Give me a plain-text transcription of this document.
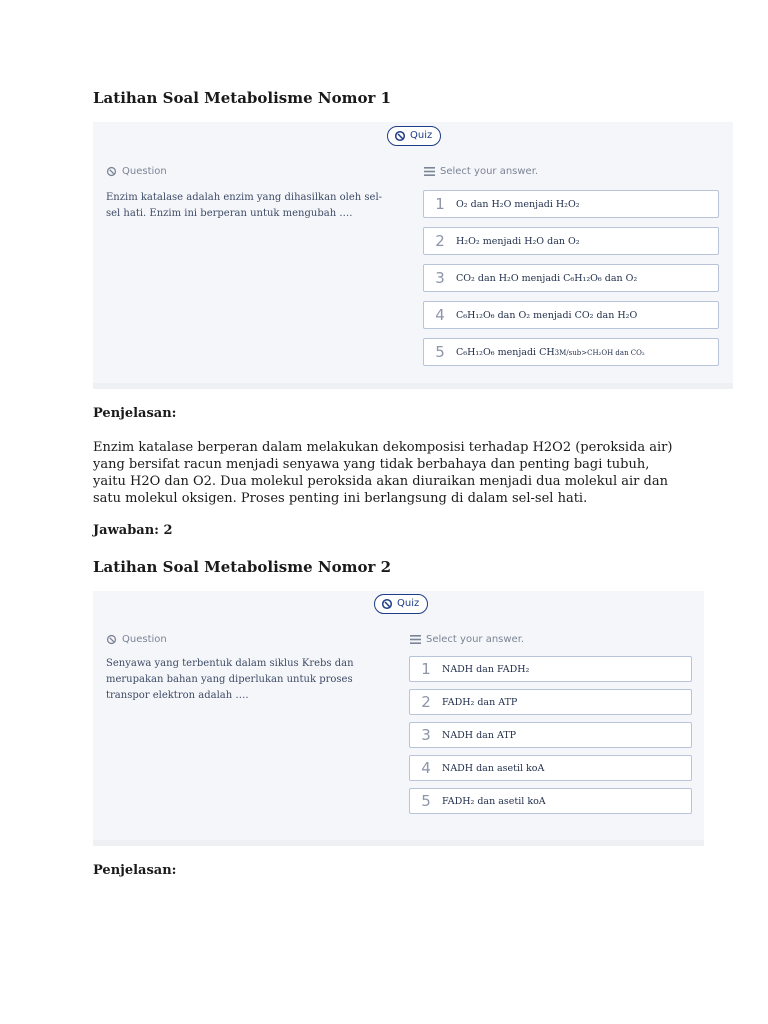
Latihan Soal Metabolisme Nomor 1
Quiz
Question

Enzim katalase adalah enzim yang dihasilkan oleh sel-sel hati. Enzim ini berperan untuk mengubah ….

Select your answer.
1	O₂ dan H₂O menjadi H₂O₂
2	H₂O₂ menjadi H₂O dan O₂
3	CO₂ dan H₂O menjadi C₆H₁₂O₆ dan O₂
4	C₆H₁₂O₆ dan O₂ menjadi CO₂ dan H₂O
5	C₆H₁₂O₆ menjadi CH3M/sub>CH₂OH dan CO₂

Penjelasan:

Enzim katalase berperan dalam melakukan dekomposisi terhadap H2O2 (peroksida air) yang bersifat racun menjadi senyawa yang tidak berbahaya dan penting bagi tubuh, yaitu H2O dan O2. Dua molekul peroksida akan diuraikan menjadi dua molekul air dan satu molekul oksigen. Proses penting ini berlangsung di dalam sel-sel hati.

Jawaban: 2

Latihan Soal Metabolisme Nomor 2
Quiz
Question

Senyawa yang terbentuk dalam siklus Krebs dan merupakan bahan yang diperlukan untuk proses transpor elektron adalah ….

Select your answer.
1	NADH dan FADH₂
2	FADH₂ dan ATP
3	NADH dan ATP
4	NADH dan asetil koA
5	FADH₂ dan asetil koA

Penjelasan:
